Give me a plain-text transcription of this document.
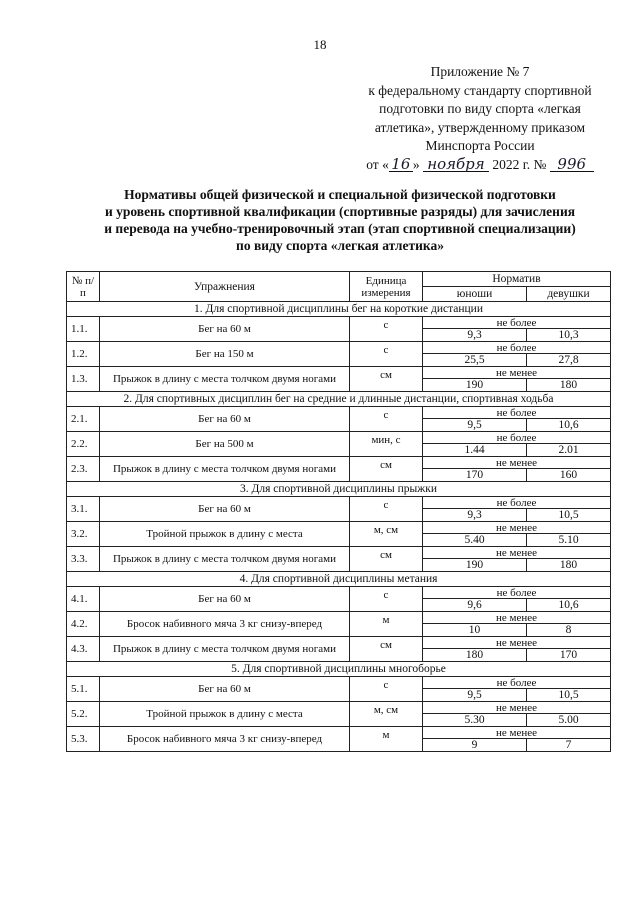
18
Приложение № 7
к федеральному стандарту спортивной
подготовки по виду спорта «легкая
атлетика», утвержденному приказом
Минспорта России
от « 16 » ноября 2022 г. № 996
Нормативы общей физической и специальной физической подготовки
и уровень спортивной квалификации (спортивные разряды) для зачисления
и перевода на учебно-тренировочный этап (этап спортивной специализации)
по виду спорта «легкая атлетика»
№ п/п	Упражнения	Единица измерения	Норматив	
			юноши	девушки
1. Для спортивной дисциплины бег на короткие дистанции				
1.1.	Бег на 60 м	с	не более	
			9,3	10,3
1.2.	Бег на 150 м	с	не более	
			25,5	27,8
1.3.	Прыжок в длину с места толчком двумя ногами	см	не менее	
			190	180
2. Для спортивных дисциплин бег на средние и длинные дистанции, спортивная ходьба				
2.1.	Бег на 60 м	с	не более	
			9,5	10,6
2.2.	Бег на 500 м	мин, с	не более	
			1.44	2.01
2.3.	Прыжок в длину с места толчком двумя ногами	см	не менее	
			170	160
3. Для спортивной дисциплины прыжки				
3.1.	Бег на 60 м	с	не более	
			9,3	10,5
3.2.	Тройной прыжок в длину с места	м, см	не менее	
			5.40	5.10
3.3.	Прыжок в длину с места толчком двумя ногами	см	не менее	
			190	180
4. Для спортивной дисциплины метания				
4.1.	Бег на 60 м	с	не более	
			9,6	10,6
4.2.	Бросок набивного мяча 3 кг снизу-вперед	м	не менее	
			10	8
4.3.	Прыжок в длину с места толчком двумя ногами	см	не менее	
			180	170
5. Для спортивной дисциплины многоборье				
5.1.	Бег на 60 м	с	не более	
			9,5	10,5
5.2.	Тройной прыжок в длину с места	м, см	не менее	
			5.30	5.00
5.3.	Бросок набивного мяча 3 кг снизу-вперед	м	не менее	
			9	7
